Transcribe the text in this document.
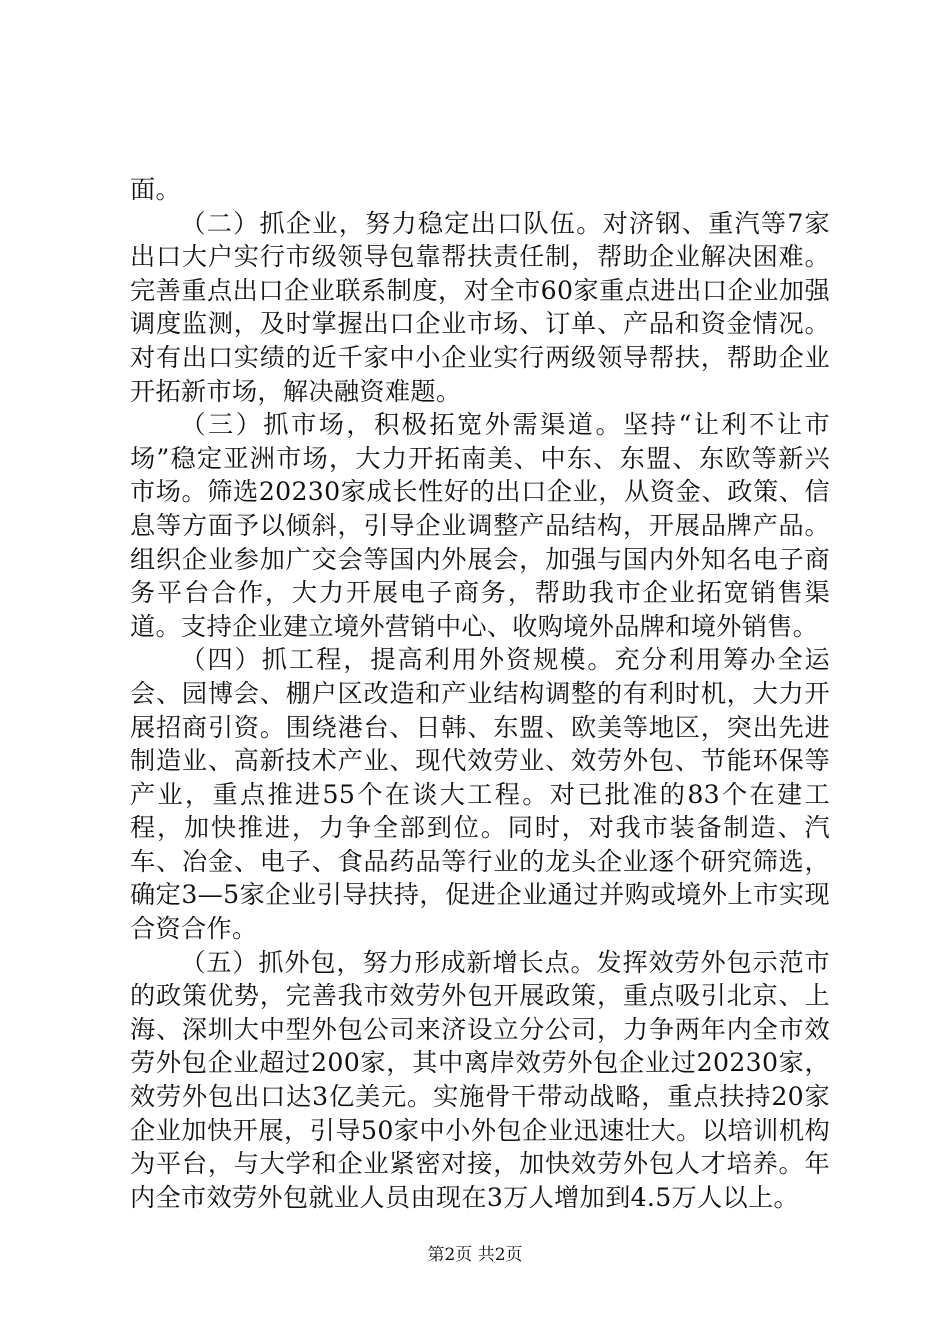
面。

（二）抓企业，努力稳定出口队伍。对济钢、重汽等7家出口大户实行市级领导包靠帮扶责任制，帮助企业解决困难。完善重点出口企业联系制度，对全市60家重点进出口企业加强调度监测，及时掌握出口企业市场、订单、产品和资金情况。对有出口实绩的近千家中小企业实行两级领导帮扶，帮助企业开拓新市场，解决融资难题。

（三）抓市场，积极拓宽外需渠道。坚持“让利不让市场”稳定亚洲市场，大力开拓南美、中东、东盟、东欧等新兴市场。筛选20230家成长性好的出口企业，从资金、政策、信息等方面予以倾斜，引导企业调整产品结构，开展品牌产品。组织企业参加广交会等国内外展会，加强与国内外知名电子商务平台合作，大力开展电子商务，帮助我市企业拓宽销售渠道。支持企业建立境外营销中心、收购境外品牌和境外销售。

（四）抓工程，提高利用外资规模。充分利用筹办全运会、园博会、棚户区改造和产业结构调整的有利时机，大力开展招商引资。围绕港台、日韩、东盟、欧美等地区，突出先进制造业、高新技术产业、现代效劳业、效劳外包、节能环保等产业，重点推进55个在谈大工程。对已批准的83个在建工程，加快推进，力争全部到位。同时，对我市装备制造、汽车、冶金、电子、食品药品等行业的龙头企业逐个研究筛选，确定3—5家企业引导扶持，促进企业通过并购或境外上市实现合资合作。

（五）抓外包，努力形成新增长点。发挥效劳外包示范市的政策优势，完善我市效劳外包开展政策，重点吸引北京、上海、深圳大中型外包公司来济设立分公司，力争两年内全市效劳外包企业超过200家，其中离岸效劳外包企业过20230家，效劳外包出口达3亿美元。实施骨干带动战略，重点扶持20家企业加快开展，引导50家中小外包企业迅速壮大。以培训机构为平台，与大学和企业紧密对接，加快效劳外包人才培养。年内全市效劳外包就业人员由现在3万人增加到4.5万人以上。

第2页 共2页
